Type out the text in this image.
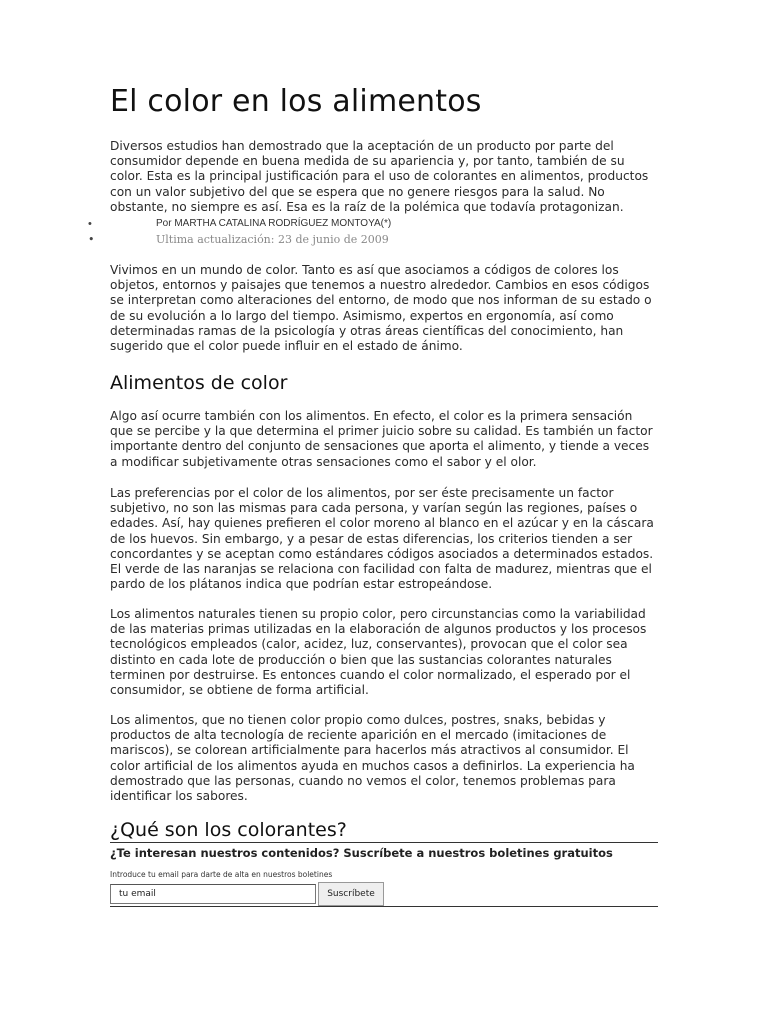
El color en los alimentos

Diversos estudios han demostrado que la aceptación de un producto por parte del consumidor depende en buena medida de su apariencia y, por tanto, también de su color. Esta es la principal justificación para el uso de colorantes en alimentos, productos con un valor subjetivo del que se espera que no genere riesgos para la salud. No obstante, no siempre es así. Esa es la raíz de la polémica que todavía protagonizan.

•	Por MARTHA CATALINA RODRÍGUEZ MONTOYA(*)
•	Ultima actualización: 23 de junio de 2009

Vivimos en un mundo de color. Tanto es así que asociamos a códigos de colores los objetos, entornos y paisajes que tenemos a nuestro alrededor. Cambios en esos códigos se interpretan como alteraciones del entorno, de modo que nos informan de su estado o de su evolución a lo largo del tiempo. Asimismo, expertos en ergonomía, así como determinadas ramas de la psicología y otras áreas científicas del conocimiento, han sugerido que el color puede influir en el estado de ánimo.

Alimentos de color

Algo así ocurre también con los alimentos. En efecto, el color es la primera sensación que se percibe y la que determina el primer juicio sobre su calidad. Es también un factor importante dentro del conjunto de sensaciones que aporta el alimento, y tiende a veces a modificar subjetivamente otras sensaciones como el sabor y el olor.

Las preferencias por el color de los alimentos, por ser éste precisamente un factor subjetivo, no son las mismas para cada persona, y varían según las regiones, países o edades. Así, hay quienes prefieren el color moreno al blanco en el azúcar y en la cáscara de los huevos. Sin embargo, y a pesar de estas diferencias, los criterios tienden a ser concordantes y se aceptan como estándares códigos asociados a determinados estados. El verde de las naranjas se relaciona con facilidad con falta de madurez, mientras que el pardo de los plátanos indica que podrían estar estropeándose.

Los alimentos naturales tienen su propio color, pero circunstancias como la variabilidad de las materias primas utilizadas en la elaboración de algunos productos y los procesos tecnológicos empleados (calor, acidez, luz, conservantes), provocan que el color sea distinto en cada lote de producción o bien que las sustancias colorantes naturales terminen por destruirse. Es entonces cuando el color normalizado, el esperado por el consumidor, se obtiene de forma artificial.

Los alimentos, que no tienen color propio como dulces, postres, snaks, bebidas y productos de alta tecnología de reciente aparición en el mercado (imitaciones de mariscos), se colorean artificialmente para hacerlos más atractivos al consumidor. El color artificial de los alimentos ayuda en muchos casos a definirlos. La experiencia ha demostrado que las personas, cuando no vemos el color, tenemos problemas para identificar los sabores.

¿Qué son los colorantes?
¿Te interesan nuestros contenidos? Suscríbete a nuestros boletines gratuitos
Introduce tu email para darte de alta en nuestros boletines
tu email
Suscríbete
